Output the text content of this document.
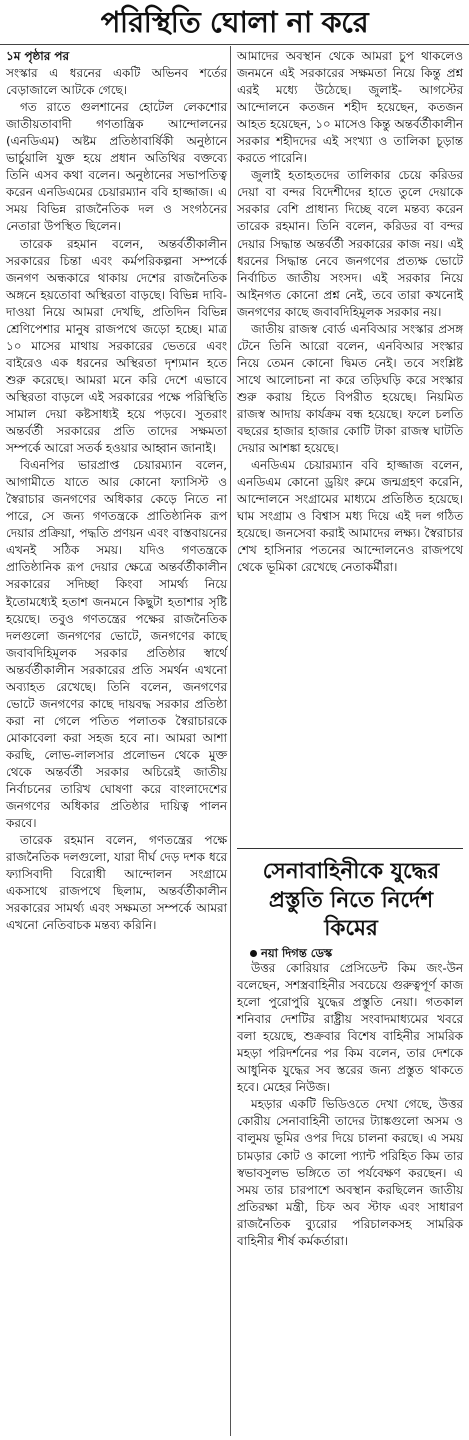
পরিস্থিতি ঘোলা না করে

১ম পৃষ্ঠার পর

সংস্কার এ ধরনের একটি অভিনব শর্তের বেড়াজালে আটকে গেছে।

গত রাতে গুলশানের হোটেল লেকশোর জাতীয়তাবাদী গণতান্ত্রিক আন্দোলনের (এনডিএম) অষ্টম প্রতিষ্ঠাবার্ষিকী অনুষ্ঠানে ভার্চুয়ালি যুক্ত হয়ে প্রধান অতিথির বক্তব্যে তিনি এসব কথা বলেন। অনুষ্ঠানের সভাপতিত্ব করেন এনডিএমের চেয়ারম্যান ববি হাজ্জাজ। এ সময় বিভিন্ন রাজনৈতিক দল ও সংগঠনের নেতারা উপস্থিত ছিলেন।

তারেক রহমান বলেন, অন্তর্বর্তীকালীন সরকারের চিন্তা এবং কর্মপরিকল্পনা সম্পর্কে জনগণ অন্ধকারে থাকায় দেশের রাজনৈতিক অঙ্গনে হয়তোবা অস্থিরতা বাড়ছে। বিভিন্ন দাবি-দাওয়া নিয়ে আমরা দেখছি, প্রতিদিন বিভিন্ন শ্রেণিপেশার মানুষ রাজপথে জড়ো হচ্ছে। মাত্র ১০ মাসের মাথায় সরকারের ভেতরে এবং বাইরেও এক ধরনের অস্থিরতা দৃশ্যমান হতে শুরু করেছে। আমরা মনে করি দেশে এভাবে অস্থিরতা বাড়লে এই সরকারের পক্ষে পরিস্থিতি সামাল দেয়া কষ্টসাধ্যই হয়ে পড়বে। সুতরাং অন্তর্বর্তী সরকারের প্রতি তাদের সক্ষমতা সম্পর্কে আরো সতর্ক হওয়ার আহ্বান জানাই।

বিএনপির ভারপ্রাপ্ত চেয়ারম্যান বলেন, আগামীতে যাতে আর কোনো ফ্যাসিস্ট ও স্বৈরাচার জনগণের অধিকার কেড়ে নিতে না পারে, সে জন্য গণতন্ত্রকে প্রাতিষ্ঠানিক রূপ দেয়ার প্রক্রিয়া, পদ্ধতি প্রণয়ন এবং বাস্তবায়নের এখনই সঠিক সময়। যদিও গণতন্ত্রকে প্রাতিষ্ঠানিক রূপ দেয়ার ক্ষেত্রে অন্তর্বর্তীকালীন সরকারের সদিচ্ছা কিংবা সামর্থ্য নিয়ে ইতোমধ্যেই হতাশ জনমনে কিছুটা হতাশার সৃষ্টি হয়েছে। তবুও গণতন্ত্রের পক্ষের রাজনৈতিক দলগুলো জনগণের ভোটে, জনগণের কাছে জবাবদিহিমূলক সরকার প্রতিষ্ঠার স্বার্থে অন্তর্বর্তীকালীন সরকারের প্রতি সমর্থন এখনো অব্যাহত রেখেছে। তিনি বলেন, জনগণের ভোটে জনগণের কাছে দায়বদ্ধ সরকার প্রতিষ্ঠা করা না গেলে পতিত পলাতক স্বৈরাচারকে মোকাবেলা করা সহজ হবে না। আমরা আশা করছি, লোভ-লালসার প্রলোভন থেকে মুক্ত থেকে অন্তর্বর্তী সরকার অচিরেই জাতীয় নির্বাচনের তারিখ ঘোষণা করে বাংলাদেশের জনগণের অধিকার প্রতিষ্ঠার দায়িত্ব পালন করবে।

তারেক রহমান বলেন, গণতন্ত্রের পক্ষে রাজনৈতিক দলগুলো, যারা দীর্ঘ দেড় দশক ধরে ফ্যাসিবাদী বিরোধী আন্দোলন সংগ্রামে একসাথে রাজপথে ছিলাম, অন্তর্বর্তীকালীন সরকারের সামর্থ্য এবং সক্ষমতা সম্পর্কে আমরা এখনো নেতিবাচক মন্তব্য করিনি।

আমাদের অবস্থান থেকে আমরা চুপ থাকলেও জনমনে এই সরকারের সক্ষমতা নিয়ে কিন্তু প্রশ্ন এরই মধ্যে উঠেছে। জুলাই- আগস্টের আন্দোলনে কতজন শহীদ হয়েছেন, কতজন আহত হয়েছেন, ১০ মাসেও কিন্তু অন্তর্বর্তীকালীন সরকার শহীদদের এই সংখ্যা ও তালিকা চূড়ান্ত করতে পারেনি।

জুলাই হতাহতদের তালিকার চেয়ে করিডর দেয়া বা বন্দর বিদেশীদের হাতে তুলে দেয়াকে সরকার বেশি প্রাধান্য দিচ্ছে বলে মন্তব্য করেন তারেক রহমান। তিনি বলেন, করিডর বা বন্দর দেয়ার সিদ্ধান্ত অন্তর্বর্তী সরকারের কাজ নয়। এই ধরনের সিদ্ধান্ত নেবে জনগণের প্রত্যক্ষ ভোটে নির্বাচিত জাতীয় সংসদ। এই সরকার নিয়ে আইনগত কোনো প্রশ্ন নেই, তবে তারা কখনোই জনগণের কাছে জবাবদিহিমূলক সরকার নয়।

জাতীয় রাজস্ব বোর্ড এনবিআর সংস্কার প্রসঙ্গ টেনে তিনি আরো বলেন, এনবিআর সংস্কার নিয়ে তেমন কোনো দ্বিমত নেই। তবে সংশ্লিষ্ট সাথে আলোচনা না করে তড়িঘড়ি করে সংস্কার শুরু করায় হিতে বিপরীত হয়েছে। নিয়মিত রাজস্ব আদায় কার্যক্রম বন্ধ হয়েছে। ফলে চলতি বছরের হাজার হাজার কোটি টাকা রাজস্ব ঘাটতি দেয়ার আশঙ্কা হয়েছে।

এনডিএম চেয়ারম্যান ববি হাজ্জাজ বলেন, এনডিএম কোনো ড্রয়িং রুমে জন্মগ্রহণ করেনি, আন্দোলনে সংগ্রামের মাধ্যমে প্রতিষ্ঠিত হয়েছে। ঘাম সংগ্রাম ও বিশ্বাস মধ্য দিয়ে এই দল গঠিত হয়েছে। জনসেবা করাই আমাদের লক্ষ্য। স্বৈরাচার শেখ হাসিনার পতনের আন্দোলনেও রাজপথে থেকে ভূমিকা রেখেছে নেতাকর্মীরা।

সেনাবাহিনীকে যুদ্ধের প্রস্তুতি নিতে নির্দেশ কিমের
নয়া দিগন্ত ডেস্ক

উত্তর কোরিয়ার প্রেসিডেন্ট কিম জং-উন বলেছেন, সশস্ত্রবাহিনীর সবচেয়ে গুরুত্বপূর্ণ কাজ হলো পুরোপুরি যুদ্ধের প্রস্তুতি নেয়া। গতকাল শনিবার দেশটির রাষ্ট্রীয় সংবাদমাধ্যমের খবরে বলা হয়েছে, শুক্রবার বিশেষ বাহিনীর সামরিক মহড়া পরিদর্শনের পর কিম বলেন, তার দেশকে আধুনিক যুদ্ধের সব স্তরের জন্য প্রস্তুত থাকতে হবে। মেহের নিউজ।

মহড়ার একটি ভিডিওতে দেখা গেছে, উত্তর কোরীয় সেনাবাহিনী তাদের ট্যাঙ্কগুলো অসম ও বালুময় ভূমির ওপর দিয়ে চালনা করছে। এ সময় চামড়ার কোট ও কালো প্যান্ট পরিহিত কিম তার স্বভাবসুলভ ভঙ্গিতে তা পর্যবেক্ষণ করছেন। এ সময় তার চারপাশে অবস্থান করছিলেন জাতীয় প্রতিরক্ষা মন্ত্রী, চিফ অব স্টাফ এবং সাধারণ রাজনৈতিক ব্যুরোর পরিচালকসহ সামরিক বাহিনীর শীর্ষ কর্মকর্তারা।
